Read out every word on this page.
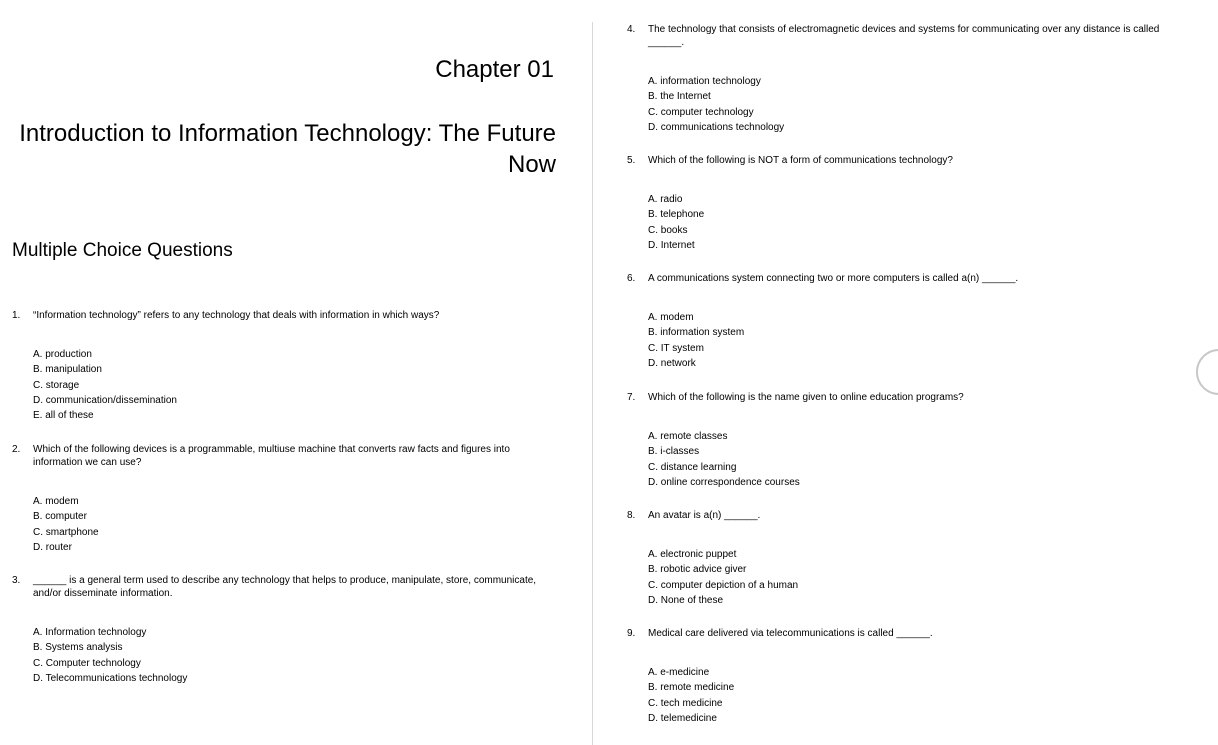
Chapter 01
Introduction to Information Technology: The Future Now
Multiple Choice Questions
1. “Information technology” refers to any technology that deals with information in which ways?
A. production
B. manipulation
C. storage
D. communication/dissemination
E. all of these
2. Which of the following devices is a programmable, multiuse machine that converts raw facts and figures into information we can use?
A. modem
B. computer
C. smartphone
D. router
3. ______ is a general term used to describe any technology that helps to produce, manipulate, store, communicate, and/or disseminate information.
A. Information technology
B. Systems analysis
C. Computer technology
D. Telecommunications technology
4. The technology that consists of electromagnetic devices and systems for communicating over any distance is called ______.
A. information technology
B. the Internet
C. computer technology
D. communications technology
5. Which of the following is NOT a form of communications technology?
A. radio
B. telephone
C. books
D. Internet
6. A communications system connecting two or more computers is called a(n) ______.
A. modem
B. information system
C. IT system
D. network
7. Which of the following is the name given to online education programs?
A. remote classes
B. i-classes
C. distance learning
D. online correspondence courses
8. An avatar is a(n) ______.
A. electronic puppet
B. robotic advice giver
C. computer depiction of a human
D. None of these
9. Medical care delivered via telecommunications is called ______.
A. e-medicine
B. remote medicine
C. tech medicine
D. telemedicine
